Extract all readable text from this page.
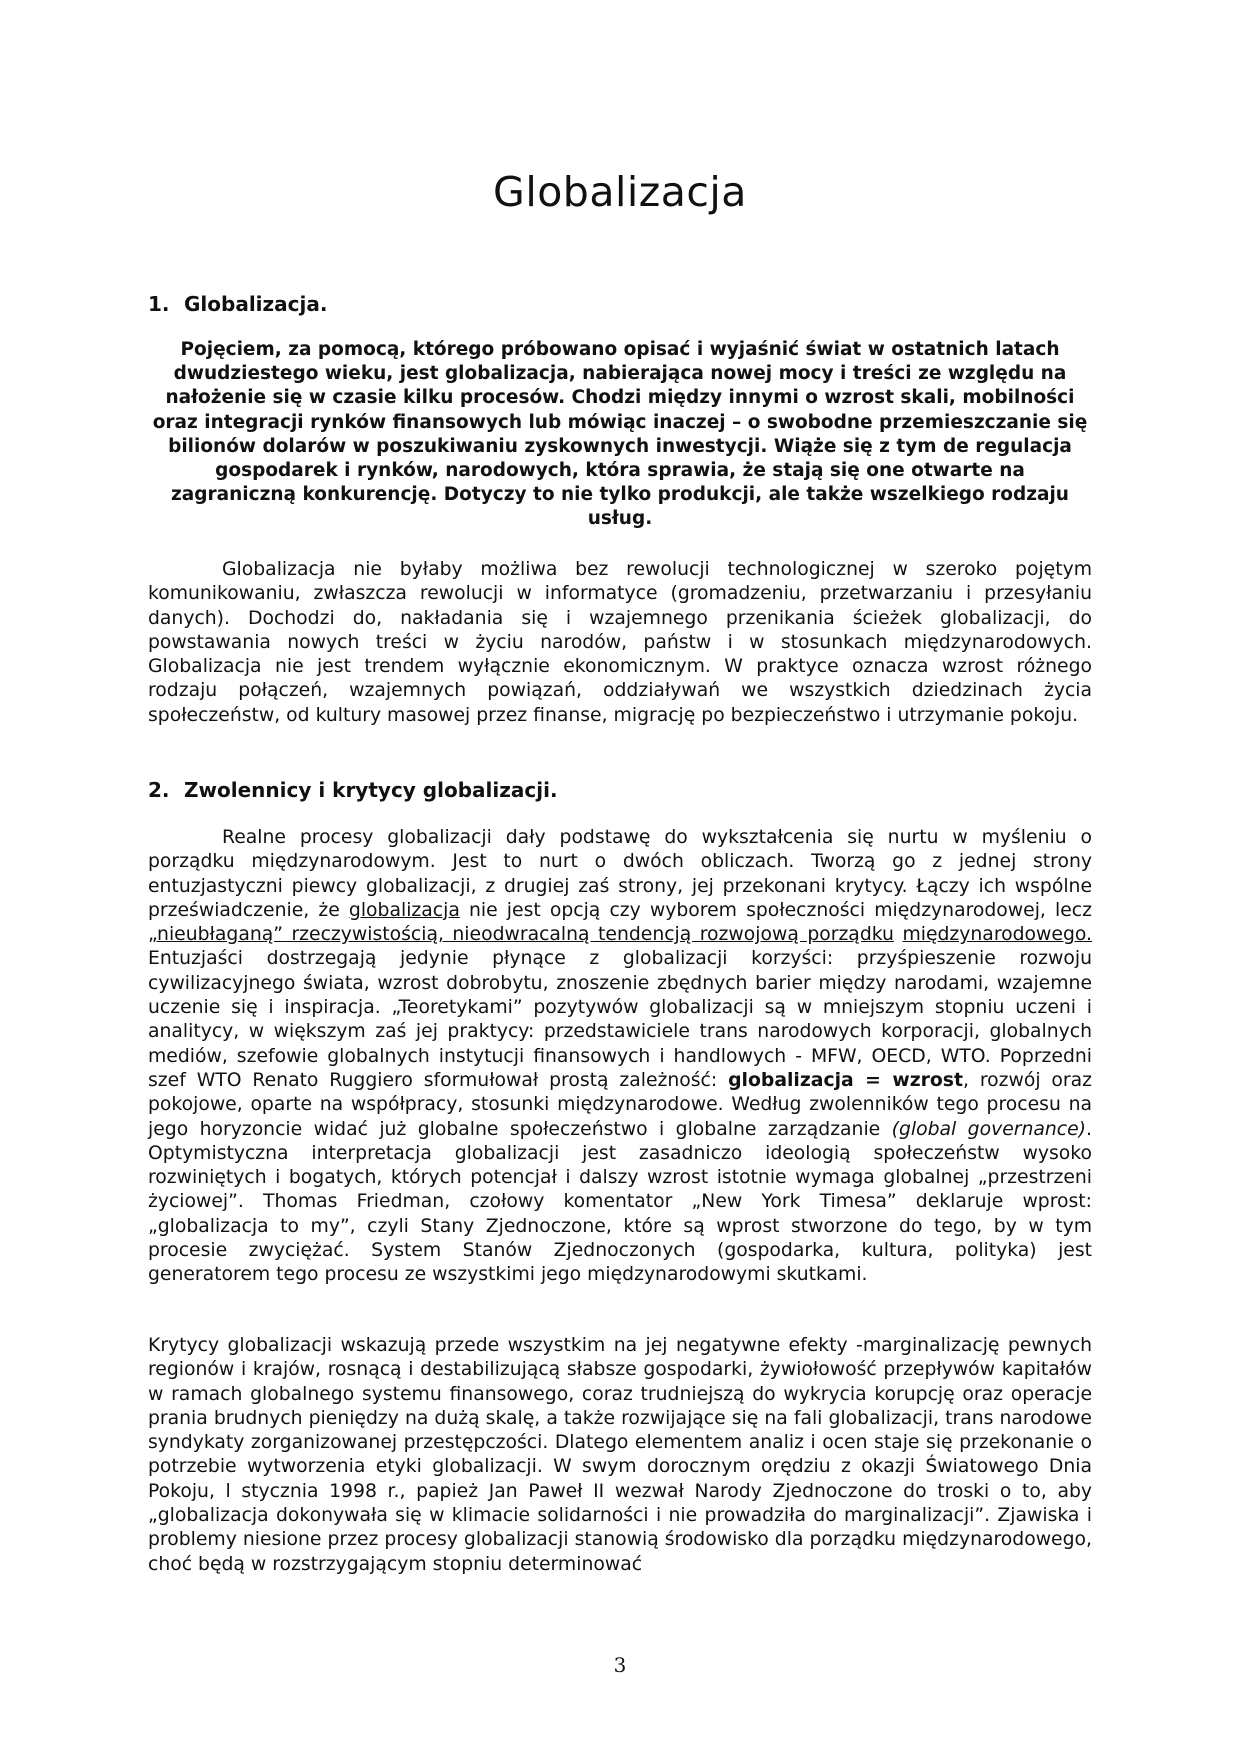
Globalizacja
1. Globalizacja.

Pojęciem, za pomocą, którego próbowano opisać i wyjaśnić świat w ostatnich latach dwudziestego wieku, jest globalizacja, nabierająca nowej mocy i treści ze względu na nałożenie się w czasie kilku procesów. Chodzi między innymi o wzrost skali, mobilności oraz integracji rynków finansowych lub mówiąc inaczej – o swobodne przemieszczanie się bilionów dolarów w poszukiwaniu zyskownych inwestycji. Wiąże się z tym de regulacja gospodarek i rynków, narodowych, która sprawia, że stają się one otwarte na zagraniczną konkurencję. Dotyczy to nie tylko produkcji, ale także wszelkiego rodzaju usług.

Globalizacja nie byłaby możliwa bez rewolucji technologicznej w szeroko pojętym komunikowaniu, zwłaszcza rewolucji w informatyce (gromadzeniu, przetwarzaniu i przesyłaniu danych). Dochodzi do, nakładania się i wzajemnego przenikania ścieżek globalizacji, do powstawania nowych treści w życiu narodów, państw i w stosunkach międzynarodowych. Globalizacja nie jest trendem wyłącznie ekonomicznym. W praktyce oznacza wzrost różnego rodzaju połączeń, wzajemnych powiązań, oddziaływań we wszystkich dziedzinach życia społeczeństw, od kultury masowej przez finanse, migrację po bezpieczeństwo i utrzymanie pokoju.

2. Zwolennicy i krytycy globalizacji.

Realne procesy globalizacji dały podstawę do wykształcenia się nurtu w myśleniu o porządku międzynarodowym. Jest to nurt o dwóch obliczach. Tworzą go z jednej strony entuzjastyczni piewcy globalizacji, z drugiej zaś strony, jej przekonani krytycy. Łączy ich wspólne przeświadczenie, że globalizacja nie jest opcją czy wyborem społeczności międzynarodowej, lecz „nieubłaganą” rzeczywistością, nieodwracalną tendencją rozwojową porządku międzynarodowego. Entuzjaści dostrzegają jedynie płynące z globalizacji korzyści: przyśpieszenie rozwoju cywilizacyjnego świata, wzrost dobrobytu, znoszenie zbędnych barier między narodami, wzajemne uczenie się i inspiracja. „Teoretykami” pozytywów globalizacji są w mniejszym stopniu uczeni i analitycy, w większym zaś jej praktycy: przedstawiciele trans narodowych korporacji, globalnych mediów, szefowie globalnych instytucji finansowych i handlowych - MFW, OECD, WTO. Poprzedni szef WTO Renato Ruggiero sformułował prostą zależność: globalizacja = wzrost, rozwój oraz pokojowe, oparte na współpracy, stosunki międzynarodowe. Według zwolenników tego procesu na jego horyzoncie widać już globalne społeczeństwo i globalne zarządzanie (global governance). Optymistyczna interpretacja globalizacji jest zasadniczo ideologią społeczeństw wysoko rozwiniętych i bogatych, których potencjał i dalszy wzrost istotnie wymaga globalnej „przestrzeni życiowej”. Thomas Friedman, czołowy komentator „New York Timesa” deklaruje wprost: „globalizacja to my”, czyli Stany Zjednoczone, które są wprost stworzone do tego, by w tym procesie zwyciężać. System Stanów Zjednoczonych (gospodarka, kultura, polityka) jest generatorem tego procesu ze wszystkimi jego międzynarodowymi skutkami.

Krytycy globalizacji wskazują przede wszystkim na jej negatywne efekty -marginalizację pewnych regionów i krajów, rosnącą i destabilizującą słabsze gospodarki, żywiołowość przepływów kapitałów w ramach globalnego systemu finansowego, coraz trudniejszą do wykrycia korupcję oraz operacje prania brudnych pieniędzy na dużą skalę, a także rozwijające się na fali globalizacji, trans narodowe syndykaty zorganizowanej przestępczości. Dlatego elementem analiz i ocen staje się przekonanie o potrzebie wytworzenia etyki globalizacji. W swym dorocznym orędziu z okazji Światowego Dnia Pokoju, l stycznia 1998 r., papież Jan Paweł II wezwał Narody Zjednoczone do troski o to, aby „globalizacja dokonywała się w klimacie solidarności i nie prowadziła do marginalizacji”. Zjawiska i problemy niesione przez procesy globalizacji stanowią środowisko dla porządku międzynarodowego, choć będą w rozstrzygającym stopniu determinować

3
